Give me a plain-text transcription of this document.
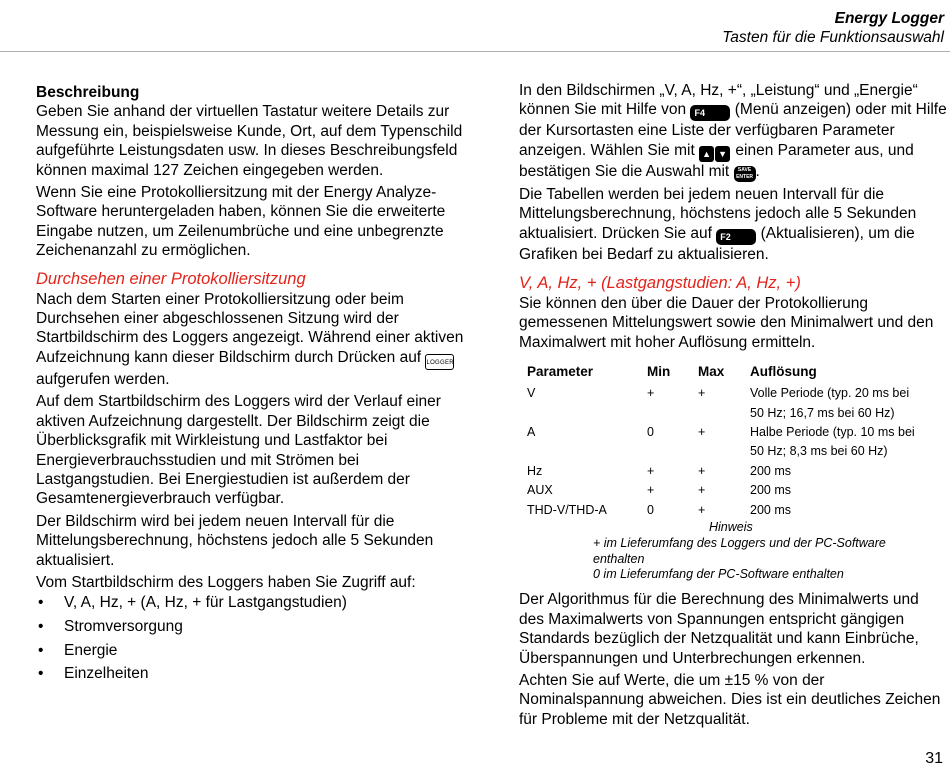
Energy Logger
Tasten für die Funktionsauswahl

Beschreibung

Geben Sie anhand der virtuellen Tastatur weitere Details zur Messung ein, beispielsweise Kunde, Ort, auf dem Typenschild aufgeführte Leistungsdaten usw. In dieses Beschreibungsfeld können maximal 127 Zeichen eingegeben werden.

Wenn Sie eine Protokolliersitzung mit der Energy Analyze-Software heruntergeladen haben, können Sie die erweiterte Eingabe nutzen, um Zeilenumbrüche und eine unbegrenzte Zeichenanzahl zu ermöglichen.

Durchsehen einer Protokolliersitzung

Nach dem Starten einer Protokolliersitzung oder beim Durchsehen einer abgeschlossenen Sitzung wird der Startbildschirm des Loggers angezeigt. Während einer aktiven Aufzeichnung kann dieser Bildschirm durch Drücken auf LOGGER aufgerufen werden.

Auf dem Startbildschirm des Loggers wird der Verlauf einer aktiven Aufzeichnung dargestellt. Der Bildschirm zeigt die Überblicksgrafik mit Wirkleistung und Lastfaktor bei Energieverbrauchsstudien und mit Strömen bei Lastgangstudien. Bei Energiestudien ist außerdem der Gesamtenergieverbrauch verfügbar.

Der Bildschirm wird bei jedem neuen Intervall für die Mittelungsberechnung, höchstens jedoch alle 5 Sekunden aktualisiert.

Vom Startbildschirm des Loggers haben Sie Zugriff auf:

• V, A, Hz, + (A, Hz, + für Lastgangstudien)
• Stromversorgung
• Energie
• Einzelheiten

In den Bildschirmen „V, A, Hz, +“, „Leistung“ und „Energie“ können Sie mit Hilfe von F4 (Menü anzeigen) oder mit Hilfe der Kursortasten eine Liste der verfügbaren Parameter anzeigen. Wählen Sie mit ▲ ▼ einen Parameter aus, und bestätigen Sie die Auswahl mit SAVE
ENTER .

Die Tabellen werden bei jedem neuen Intervall für die Mittelungsberechnung, höchstens jedoch alle 5 Sekunden aktualisiert. Drücken Sie auf F2 (Aktualisieren), um die Grafiken bei Bedarf zu aktualisieren.

V, A, Hz, + (Lastgangstudien: A, Hz, +)

Sie können den über die Dauer der Protokollierung gemessenen Mittelungswert sowie den Minimalwert und den Maximalwert mit hoher Auflösung ermitteln.

Parameter	Min	Max	Auflösung
V	+	+	Volle Periode (typ. 20 ms bei
50 Hz; 16,7 ms bei 60 Hz)

A	0	+	Halbe Periode (typ. 10 ms bei
50 Hz; 8,3 ms bei 60 Hz)

Hz	+	+	200 ms
AUX	+	+	200 ms
THD-V/THD-A	0	+	200 ms

Hinweis

+ im Lieferumfang des Loggers und der PC-Software

enthalten

0 im Lieferumfang der PC-Software enthalten

Der Algorithmus für die Berechnung des Minimalwerts und des Maximalwerts von Spannungen entspricht gängigen Standards bezüglich der Netzqualität und kann Einbrüche, Überspannungen und Unterbrechungen erkennen.

Achten Sie auf Werte, die um ±15 % von der Nominalspannung abweichen. Dies ist ein deutliches Zeichen für Probleme mit der Netzqualität.

31
